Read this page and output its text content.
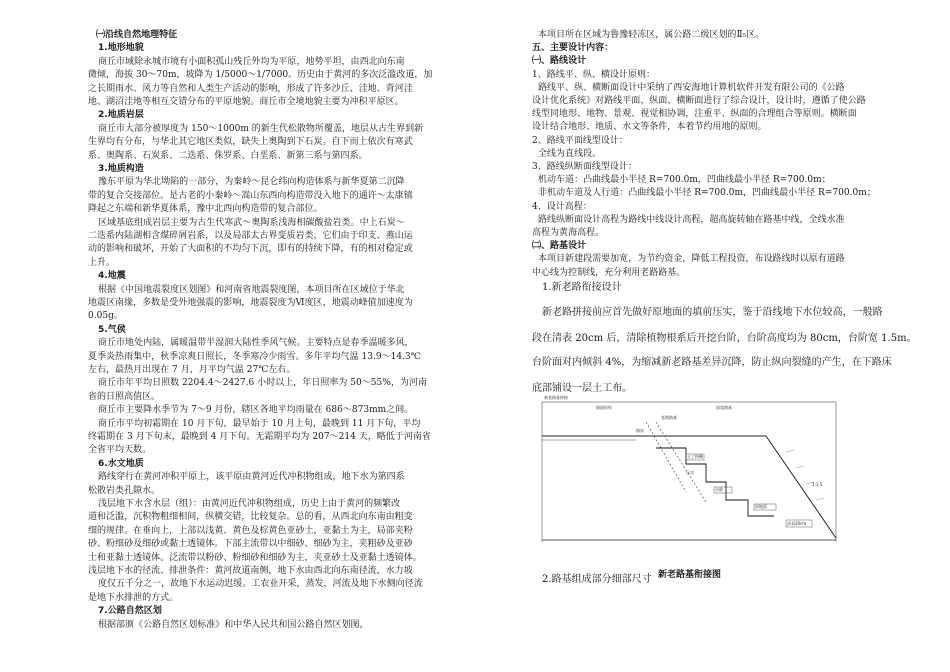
㈠沿线自然地理特征
1.地形地貌
商丘市域除永城市境有小面积孤山残丘外均为平原，地势平坦，由西北向东南
微倾，海拔 30～70m，坡降为 1/5000～1/7000。历史由于黄河的多次泛滥改道，加
之长期雨水、风力等自然和人类生产活动的影响，形成了许多沙丘、洼地、背河洼
地、湖沼洼地等相互交错分布的平原地貌。商丘市全境地貌主要为冲积平原区。
2.地质岩层
商丘市大部分被厚度为 150～1000m 的新生代松散物所覆盖，地层从古生界到新
生界均有分布，与华北其它地区类似，缺失上奥陶到下石炭。自下而上依次有寒武
系、奥陶系、石炭系、二迭系、侏罗系、白垩系、新第三系与第四系。
3.地质构造
豫东平原为华北坳陷的一部分，为秦岭～昆仑纬向构造体系与新华夏第二沉降
带的复合交接部位。是古老的小秦岭～嵩山东西向构造带没入地下的通许～太康镇
降起之东端和新华夏体系，豫中北西向构造带的复合部位。
区域基底组成岩层主要为古生代寒武～奥陶系浅海相碳酸盐岩类。中上石炭～
二迭系内陆湖相含煤碎屑岩系，以及局部太古界变质岩类，它们由于印支、燕山运
动的影响和破坏，开始了大面积的不均匀下沉，即有的持续下降，有的相对稳定或
上升。
4.地震
根据《中国地震裂度区划图》和河南省地震裂度图，本项目所在区域位于华北
地震区南缘，多数是受外地强震的影响，地震裂度为Ⅵ度区，地震动峰值加速度为
0.05g。
5.气侯
商丘市地处内陆，属暖温带半湿润大陆性季风气候。主要特点是春季温暖多风，
夏季炎热雨集中，秋季凉爽日照长，冬季寒冷少雨雪。多年平均气温 13.9～14.3℃
左右，最热月出现在 7 月，月平均气温 27℃左右。
商丘市年平均日照数 2204.4～2427.6 小时以上，年日照率为 50～55%，为河南
省的日照高值区。
商丘市主要降水季节为 7～9 月份，辖区各地平均雨量在 686～873mm之间。
商丘市平均初霜期在 10 月下旬，最早始于 10 月上旬，最晚到 11 月下旬，平均
终霜期在 3 月下旬末，最晚到 4 月下旬。无霜期平均为 207～214 天，略低于河南省
全省平均天数。
6.水文地质
路线穿行在黄河冲积平原上，该平原由黄河近代冲积物组成，地下水为第四系
松散岩类孔隙水。
浅层地下水含水层（组）：由黄河近代冲积物组成，历史上由于黄河的频繁改
道和泛滥，沉积物粗细相间，纵横交错，比较复杂。总的看，从西北向东南由粗变
细的规律。在垂向上，上部以浅黄、黄色及棕黄色亚砂土，亚黏土为主，局部夹粉
砂、粉细砂及细砂或黏土透镜体。下部主流带以中细砂、细砂为主，夹粗砂及亚砂
土和亚黏土透镜体。泛流带以粉砂、粉细砂和细砂为主，夹亚砂土及亚黏土透镜体。
浅层地下水的径流、排泄条件：黄河故道南侧，地下水由西北向东南径流，水力坡
度仅五千分之一，故地下水运动迟缓。工农业开采，蒸发，河流及地下水侧向径流
是地下水排泄的方式。
7.公路自然区划
根据部颁《公路自然区划标准》和中华人民共和国公路自然区划图，
本项目所在区域为鲁豫轻冻区，属公路二级区划的Ⅱ₅区。
五、主要设计内容：
㈠、路线设计
1、路线平、纵、横设计原则：
路线平、纵、横断面设计中采纳了西安海地计算机软件开发有限公司的《公路
设计优化系统》对路线平面、纵面、横断面进行了综合设计，设计时，遵循了使公路
线型同地形、地物、景观、视觉相协调，注重平、纵面的合理组合等原则。横断面
设计结合地形、地质、水文等条件，本着节约用地的原则。
2、路线平面线型设计：
全线为直线段。
3、路线纵断面线型设计：
机动车道：凸曲线最小半径 R=700.0m，凹曲线最小半径 R=700.0m；
非机动车道及人行道：凸曲线最小半径 R=700.0m，凹曲线最小半径 R=700.0m；
4、设计高程：
路线纵断面设计高程为路线中线设计高程，超高旋转轴在路基中线，全线水准
高程为黄海高程。
㈡、路基设计
本项目新建段需要加宽，为节约资金，降低工程投资，布设路线时以原有道路
中心线为控制线，充分利用老路路基。
1.新老路衔接设计
新老路拼接前应首先做好原地面的填前压实，鉴于沿线地下水位较高，一般路
段在清表 20cm 后，清除植物根系后开挖台阶，台阶高度均为 80cm，台阶宽 1.5m。
台阶面对内倾斜 4%，为缩减新老路基差异沉降，防止纵向裂缝的产生，在下路床
底部铺设一层土工布。
2.路基组成部分细部尺寸
新老路基拼接
路面结构
老路路基
加宽路基
路床
土工格栅
台阶
原地面
清表20cm
压实
1:1.5
新老路基衔接图
